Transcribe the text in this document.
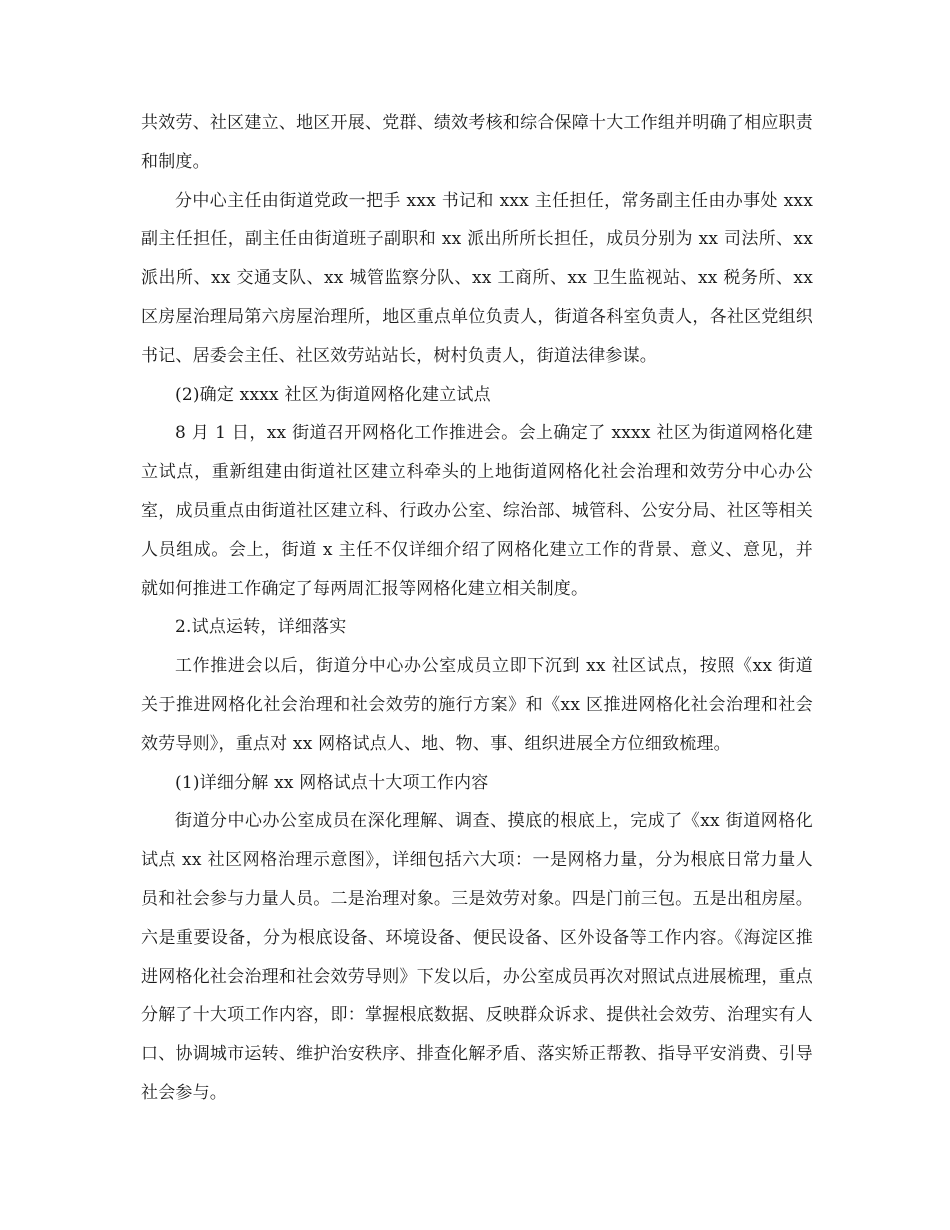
共效劳、社区建立、地区开展、党群、绩效考核和综合保障十大工作组并明确了相应职责和制度。

分中心主任由街道党政一把手 xxx 书记和 xxx 主任担任，常务副主任由办事处 xxx 副主任担任，副主任由街道班子副职和 xx 派出所所长担任，成员分别为 xx 司法所、xx 派出所、xx 交通支队、xx 城管监察分队、xx 工商所、xx 卫生监视站、xx 税务所、xx 区房屋治理局第六房屋治理所，地区重点单位负责人，街道各科室负责人，各社区党组织书记、居委会主任、社区效劳站站长，树村负责人，街道法律参谋。

(2)确定 xxxx 社区为街道网格化建立试点

8 月 1 日，xx 街道召开网格化工作推进会。会上确定了 xxxx 社区为街道网格化建立试点，重新组建由街道社区建立科牵头的上地街道网格化社会治理和效劳分中心办公室，成员重点由街道社区建立科、行政办公室、综治部、城管科、公安分局、社区等相关人员组成。会上，街道 x 主任不仅详细介绍了网格化建立工作的背景、意义、意见，并就如何推进工作确定了每两周汇报等网格化建立相关制度。

2.试点运转，详细落实

工作推进会以后，街道分中心办公室成员立即下沉到 xx 社区试点，按照《xx 街道关于推进网格化社会治理和社会效劳的施行方案》和《xx 区推进网格化社会治理和社会效劳导则》，重点对 xx 网格试点人、地、物、事、组织进展全方位细致梳理。

(1)详细分解 xx 网格试点十大项工作内容

街道分中心办公室成员在深化理解、调查、摸底的根底上，完成了《xx 街道网格化试点 xx 社区网格治理示意图》，详细包括六大项：一是网格力量，分为根底日常力量人员和社会参与力量人员。二是治理对象。三是效劳对象。四是门前三包。五是出租房屋。六是重要设备，分为根底设备、环境设备、便民设备、区外设备等工作内容。《海淀区推进网格化社会治理和社会效劳导则》下发以后，办公室成员再次对照试点进展梳理，重点分解了十大项工作内容，即：掌握根底数据、反映群众诉求、提供社会效劳、治理实有人口、协调城市运转、维护治安秩序、排查化解矛盾、落实矫正帮教、指导平安消费、引导社会参与。
